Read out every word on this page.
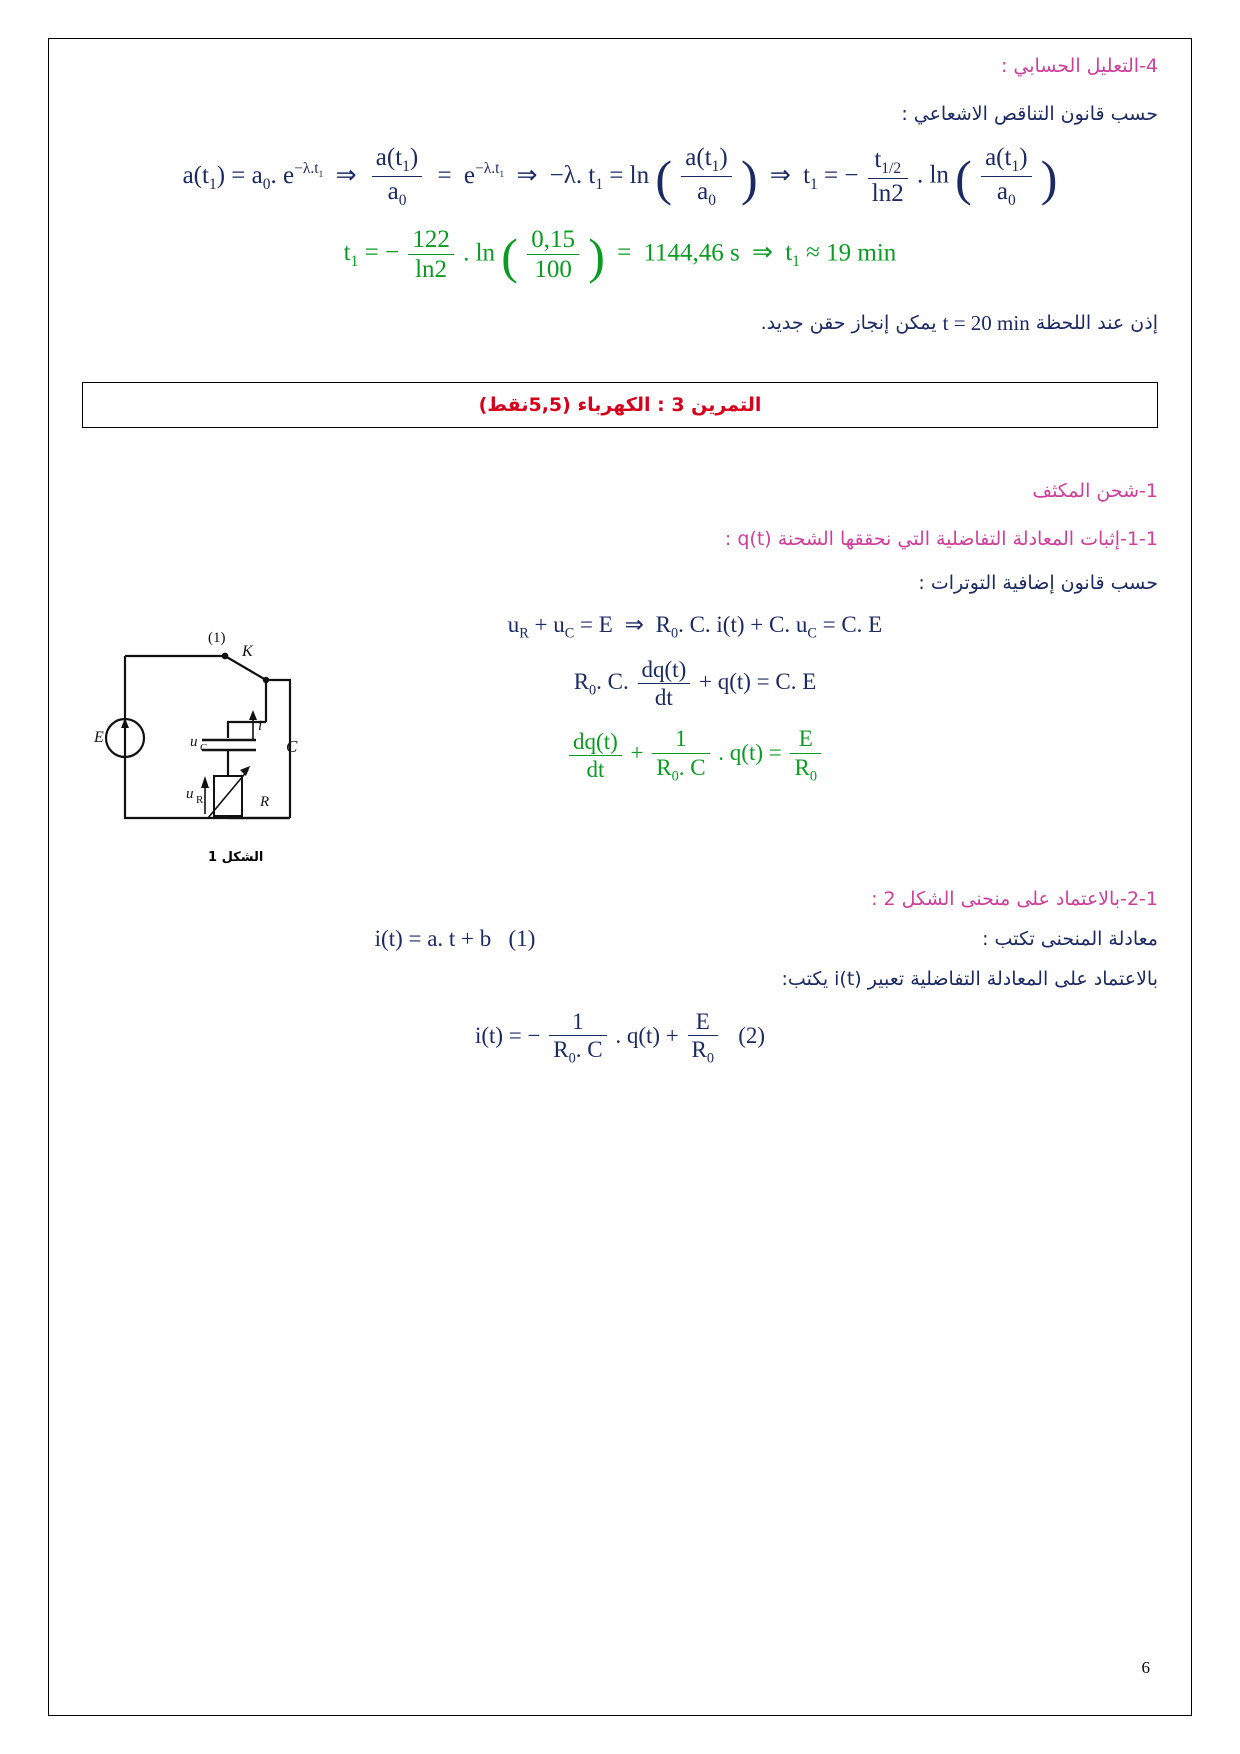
4-التعليل الحسابي :
حسب قانون التناقص الاشعاعي :
$a(t_1) = a_0$. $e^{-\lambda.t_1}$ ⇒ $\frac{a(t_1)}{a_0} = e^{-\lambda.t_1}$ ⇒ −λ. $t_1 = \ln$ ( $\frac{a(t_1)}{a_0}$ ) ⇒ $t_1$ = − $\frac{t_{1/2}}{\ln 2}$ . ln ( $\frac{a(t_1)}{a_0}$ )
$t_1$ = − $\frac{122}{\ln 2}$ . ln ( $\frac{0,15}{100}$ ) = 1144,46 s ⇒ $t_1 \approx 19$ min
إذن عند اللحظة t = 20 min يمكن إنجاز حقن جديد.
التمرين 3 : الكهرباء (5,5نقط)
1-شحن المكثف
1-1-إثبات المعادلة التفاضلية التي نحققها الشحنة q(t) :
حسب قانون إضافية التوترات :
(1)
K
i
C
u C
R
u R
E
الشكل 1
$u_R + u_C = E$ ⇒ $R_0$. C. i(t) + C. $u_C = C$. E
$R_0$. C. $\frac{dq(t)}{dt} + q(t) = C$. E
$\frac{dq(t)}{dt} + \frac{1}{R_0. C}$ . $q(t) = \frac{E}{R_0}$
2-1-بالاعتماد على منحنى الشكل 2 :
معادلة المنحنى تكتب :
i(t) = a. t + b (1)
بالاعتماد على المعادلة التفاضلية تعبير i(t) يكتب:
i(t) = − $\frac{1}{R_0. C}$ . $q(t) + \frac{E}{R_0} (2)$
6
